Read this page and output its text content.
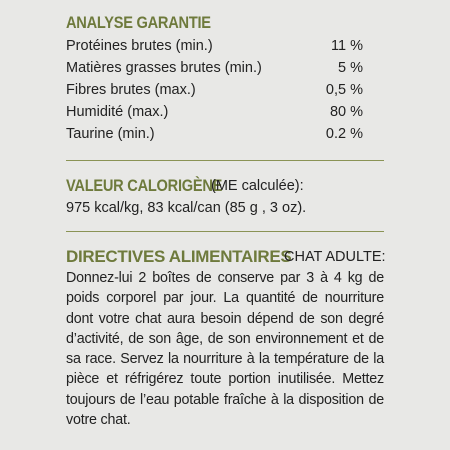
ANALYSE GARANTIE
Protéines brutes (min.)	11 %
Matières grasses brutes (min.)	5 %
Fibres brutes (max.)	0,5 %
Humidité (max.)	80 %
Taurine (min.)	0.2 %
VALEUR CALORIGÈNE
(ME calculée):
975 kcal/kg, 83 kcal/can (85 g , 3 oz).
DIRECTIVES ALIMENTAIRES
CHAT ADULTE:
Donnez-lui 2 boîtes de conserve par 3 à 4 kg de poids corporel par jour. La quantité de nourriture dont votre chat aura besoin dépend de son degré d’activité, de son âge, de son environnement et de sa race. Servez la nourriture à la température de la pièce et réfrigérez toute portion inutilisée. Mettez toujours de l’eau potable fraîche à la disposition de votre chat.
